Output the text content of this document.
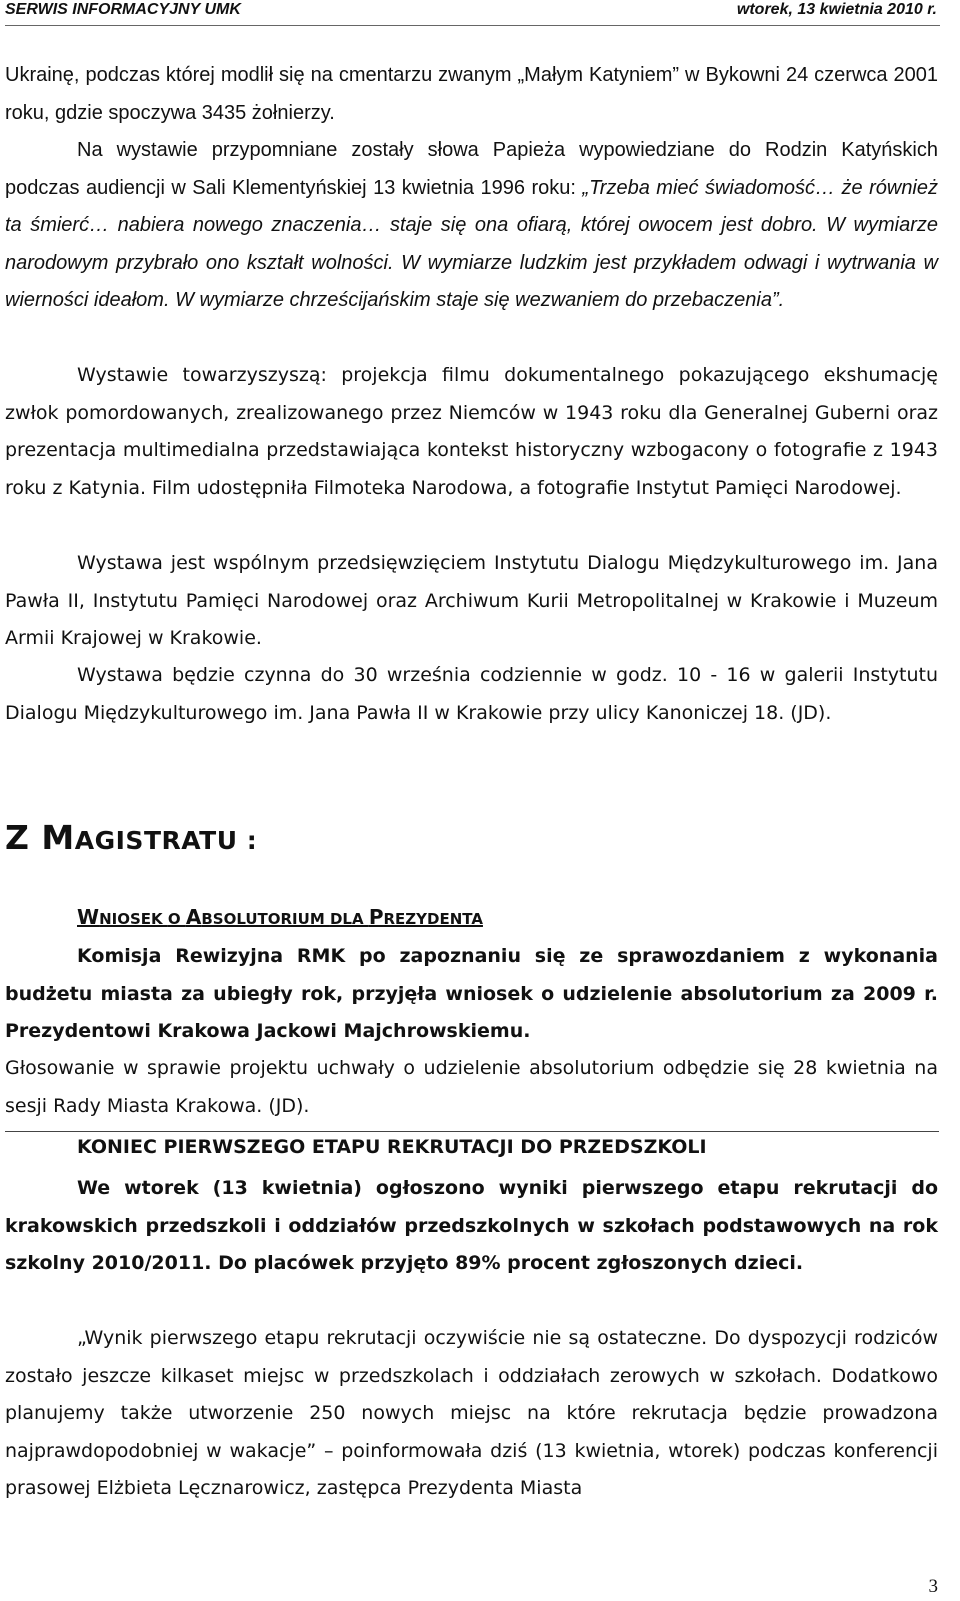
SERWIS INFORMACYJNY UMK	wtorek, 13 kwietnia 2010 r.

Ukrainę, podczas której modlił się na cmentarzu zwanym „Małym Katyniem” w Bykowni 24 czerwca 2001 roku, gdzie spoczywa 3435 żołnierzy.

Na wystawie przypomniane zostały słowa Papieża wypowiedziane do Rodzin Katyńskich podczas audiencji w Sali Klementyńskiej 13 kwietnia 1996 roku: „Trzeba mieć świadomość… że również ta śmierć… nabiera nowego znaczenia… staje się ona ofiarą, której owocem jest dobro. W wymiarze narodowym przybrało ono kształt wolności. W wymiarze ludzkim jest przykładem odwagi i wytrwania w wierności ideałom. W wymiarze chrześcijańskim staje się wezwaniem do przebaczenia”.

Wystawie towarzyszyszą: projekcja filmu dokumentalnego pokazującego ekshumację zwłok pomordowanych, zrealizowanego przez Niemców w 1943 roku dla Generalnej Guberni oraz prezentacja multimedialna przedstawiająca kontekst historyczny wzbogacony o fotografie z 1943 roku z Katynia. Film udostępniła Filmoteka Narodowa, a fotografie Instytut Pamięci Narodowej.

Wystawa jest wspólnym przedsięwzięciem Instytutu Dialogu Międzykulturowego im. Jana Pawła II, Instytutu Pamięci Narodowej oraz Archiwum Kurii Metropolitalnej w Krakowie i Muzeum Armii Krajowej w Krakowie.

Wystawa będzie czynna do 30 września codziennie w godz. 10 - 16 w galerii Instytutu Dialogu Międzykulturowego im. Jana Pawła II w Krakowie przy ulicy Kanoniczej 18. (JD).

Z MAGISTRATU :
WNIOSEK O ABSOLUTORIUM DLA PREZYDENTA

Komisja Rewizyjna RMK po zapoznaniu się ze sprawozdaniem z wykonania budżetu miasta za ubiegły rok, przyjęła wniosek o udzielenie absolutorium za 2009 r. Prezydentowi Krakowa Jackowi Majchrowskiemu.

Głosowanie w sprawie projektu uchwały o udzielenie absolutorium odbędzie się 28 kwietnia na sesji Rady Miasta Krakowa. (JD).

KONIEC PIERWSZEGO ETAPU REKRUTACJI DO PRZEDSZKOLI

We wtorek (13 kwietnia) ogłoszono wyniki pierwszego etapu rekrutacji do krakowskich przedszkoli i oddziałów przedszkolnych w szkołach podstawowych na rok szkolny 2010/2011. Do placówek przyjęto 89% procent zgłoszonych dzieci.

„Wynik pierwszego etapu rekrutacji oczywiście nie są ostateczne. Do dyspozycji rodziców zostało jeszcze kilkaset miejsc w przedszkolach i oddziałach zerowych w szkołach. Dodatkowo planujemy także utworzenie 250 nowych miejsc na które rekrutacja będzie prowadzona najprawdopodobniej w wakacje” – poinformowała dziś (13 kwietnia, wtorek) podczas konferencji prasowej Elżbieta Lęcznarowicz, zastępca Prezydenta Miasta

3
